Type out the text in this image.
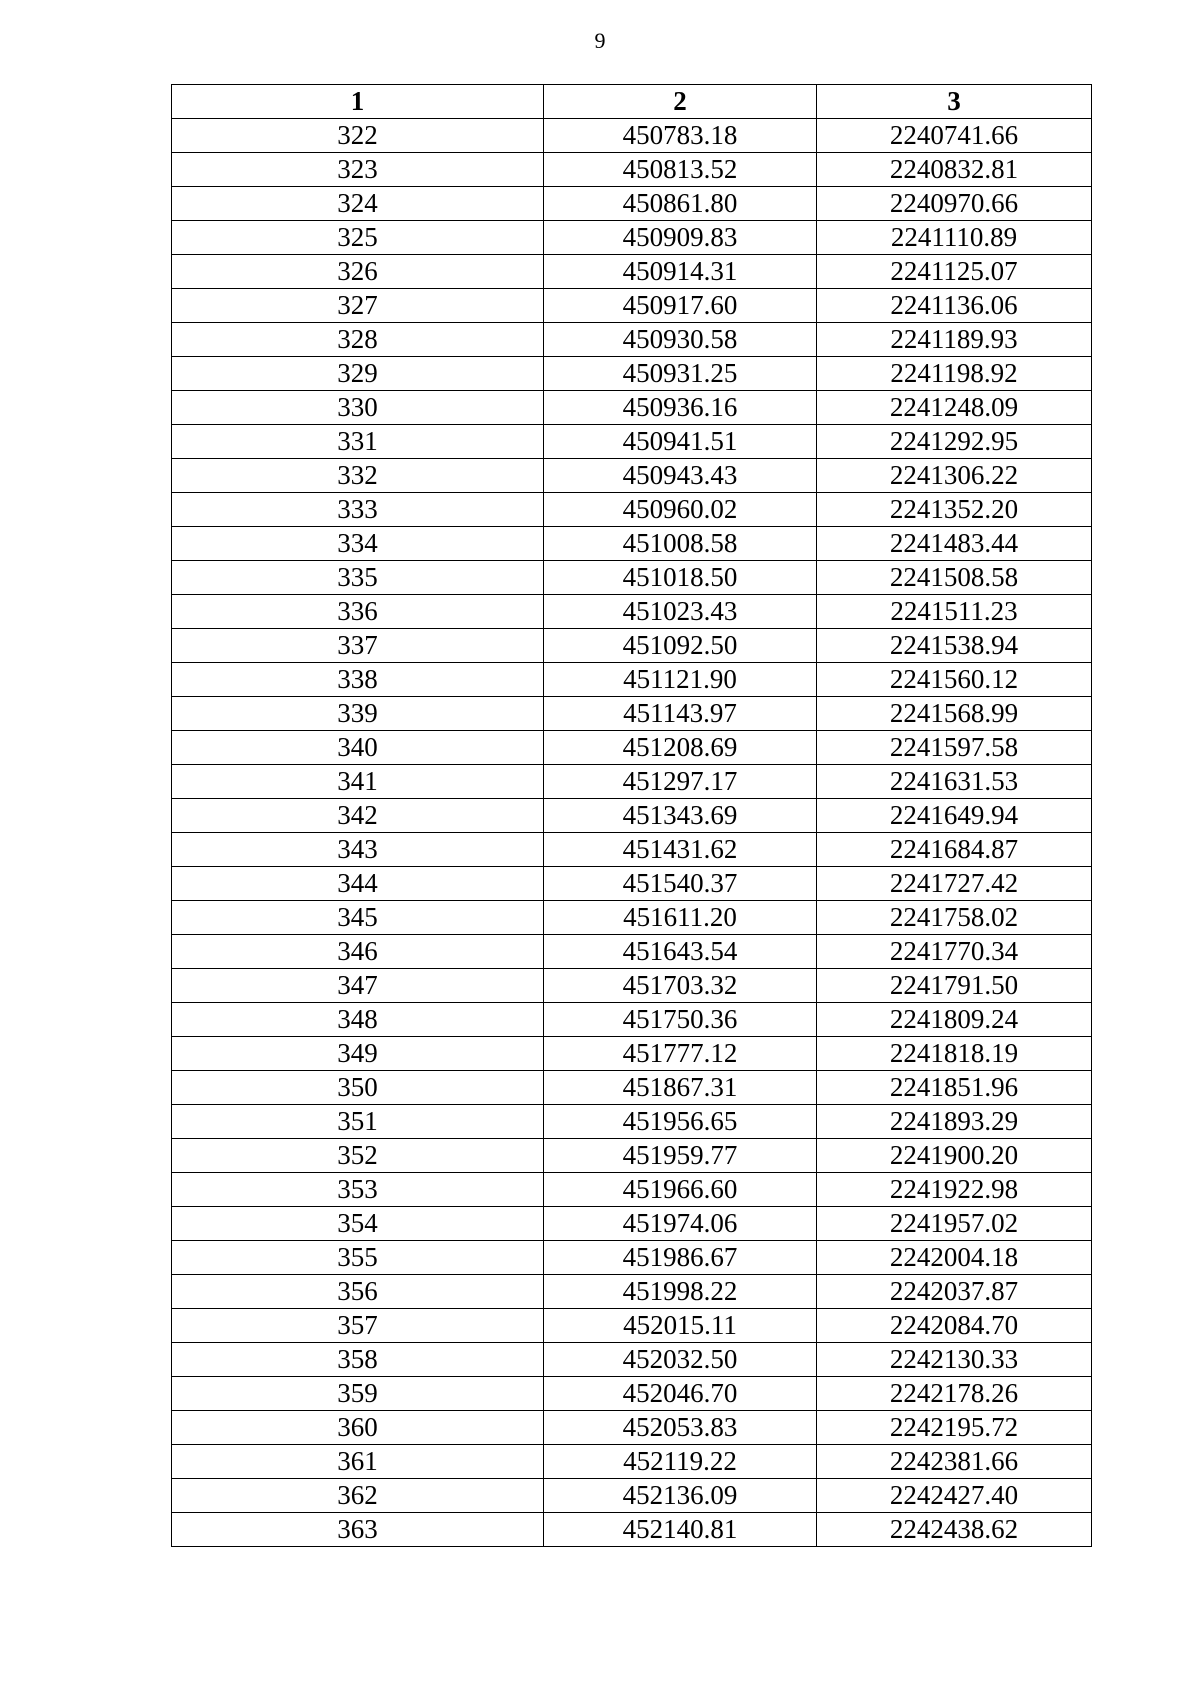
9
1	2	3
322	450783.18	2240741.66
323	450813.52	2240832.81
324	450861.80	2240970.66
325	450909.83	2241110.89
326	450914.31	2241125.07
327	450917.60	2241136.06
328	450930.58	2241189.93
329	450931.25	2241198.92
330	450936.16	2241248.09
331	450941.51	2241292.95
332	450943.43	2241306.22
333	450960.02	2241352.20
334	451008.58	2241483.44
335	451018.50	2241508.58
336	451023.43	2241511.23
337	451092.50	2241538.94
338	451121.90	2241560.12
339	451143.97	2241568.99
340	451208.69	2241597.58
341	451297.17	2241631.53
342	451343.69	2241649.94
343	451431.62	2241684.87
344	451540.37	2241727.42
345	451611.20	2241758.02
346	451643.54	2241770.34
347	451703.32	2241791.50
348	451750.36	2241809.24
349	451777.12	2241818.19
350	451867.31	2241851.96
351	451956.65	2241893.29
352	451959.77	2241900.20
353	451966.60	2241922.98
354	451974.06	2241957.02
355	451986.67	2242004.18
356	451998.22	2242037.87
357	452015.11	2242084.70
358	452032.50	2242130.33
359	452046.70	2242178.26
360	452053.83	2242195.72
361	452119.22	2242381.66
362	452136.09	2242427.40
363	452140.81	2242438.62
